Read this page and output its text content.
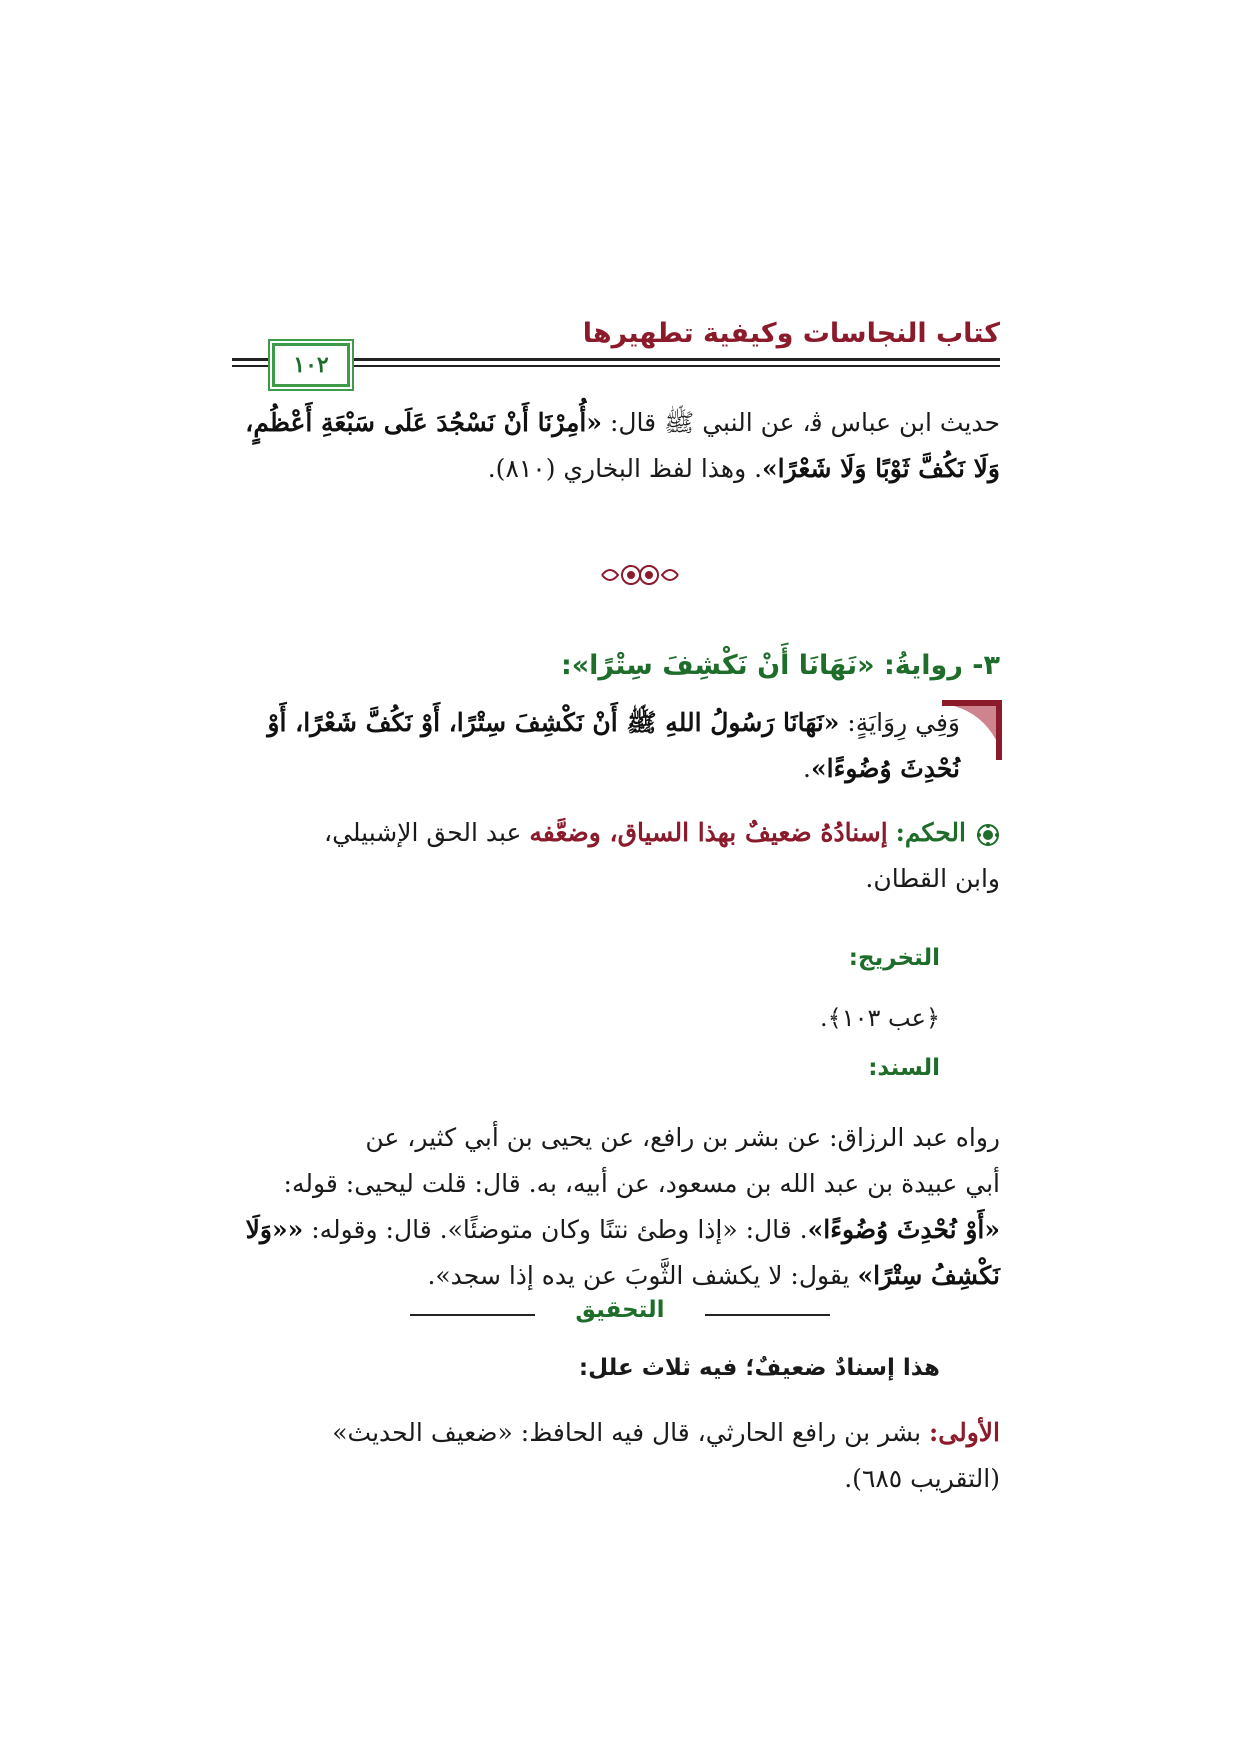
كتاب النجاسات وكيفية تطهيرها
١٠٢
حديث ابن عباس ﭬ، عن النبي ﷺ قال: «أُمِرْنَا أَنْ نَسْجُدَ عَلَى سَبْعَةِ أَعْظُمٍ،
وَلَا نَكُفَّ ثَوْبًا وَلَا شَعْرًا». وهذا لفظ البخاري (٨١٠).
٣- روايةُ: «نَهَانَا أَنْ نَكْشِفَ سِتْرًا»:
وَفِي رِوَايَةٍ: «نَهَانَا رَسُولُ اللهِ ﷺ أَنْ نَكْشِفَ سِتْرًا، أَوْ نَكُفَّ شَعْرًا، أَوْ
نُحْدِثَ وُضُوءًا».
الحكم: إسنادُهُ ضعيفٌ بهذا السياق، وضعَّفه عبد الحق الإشبيلي،
وابن القطان.
التخريج:
﴿عب ١٠٣﴾.
السند:
رواه عبد الرزاق: عن بشر بن رافع، عن يحيى بن أبي كثير، عن
أبي عبيدة بن عبد الله بن مسعود، عن أبيه، به. قال: قلت ليحيى: قوله:
«أَوْ نُحْدِثَ وُضُوءًا». قال: «إذا وطئ نتنًا وكان متوضئًا». قال: وقوله: ««وَلَا
نَكْشِفُ سِتْرًا» يقول: لا يكشف الثَّوبَ عن يده إذا سجد».
التحقيق
هذا إسنادٌ ضعيفٌ؛ فيه ثلاث علل:
الأولى: بشر بن رافع الحارثي، قال فيه الحافظ: «ضعيف الحديث»
(التقريب ٦٨٥).
